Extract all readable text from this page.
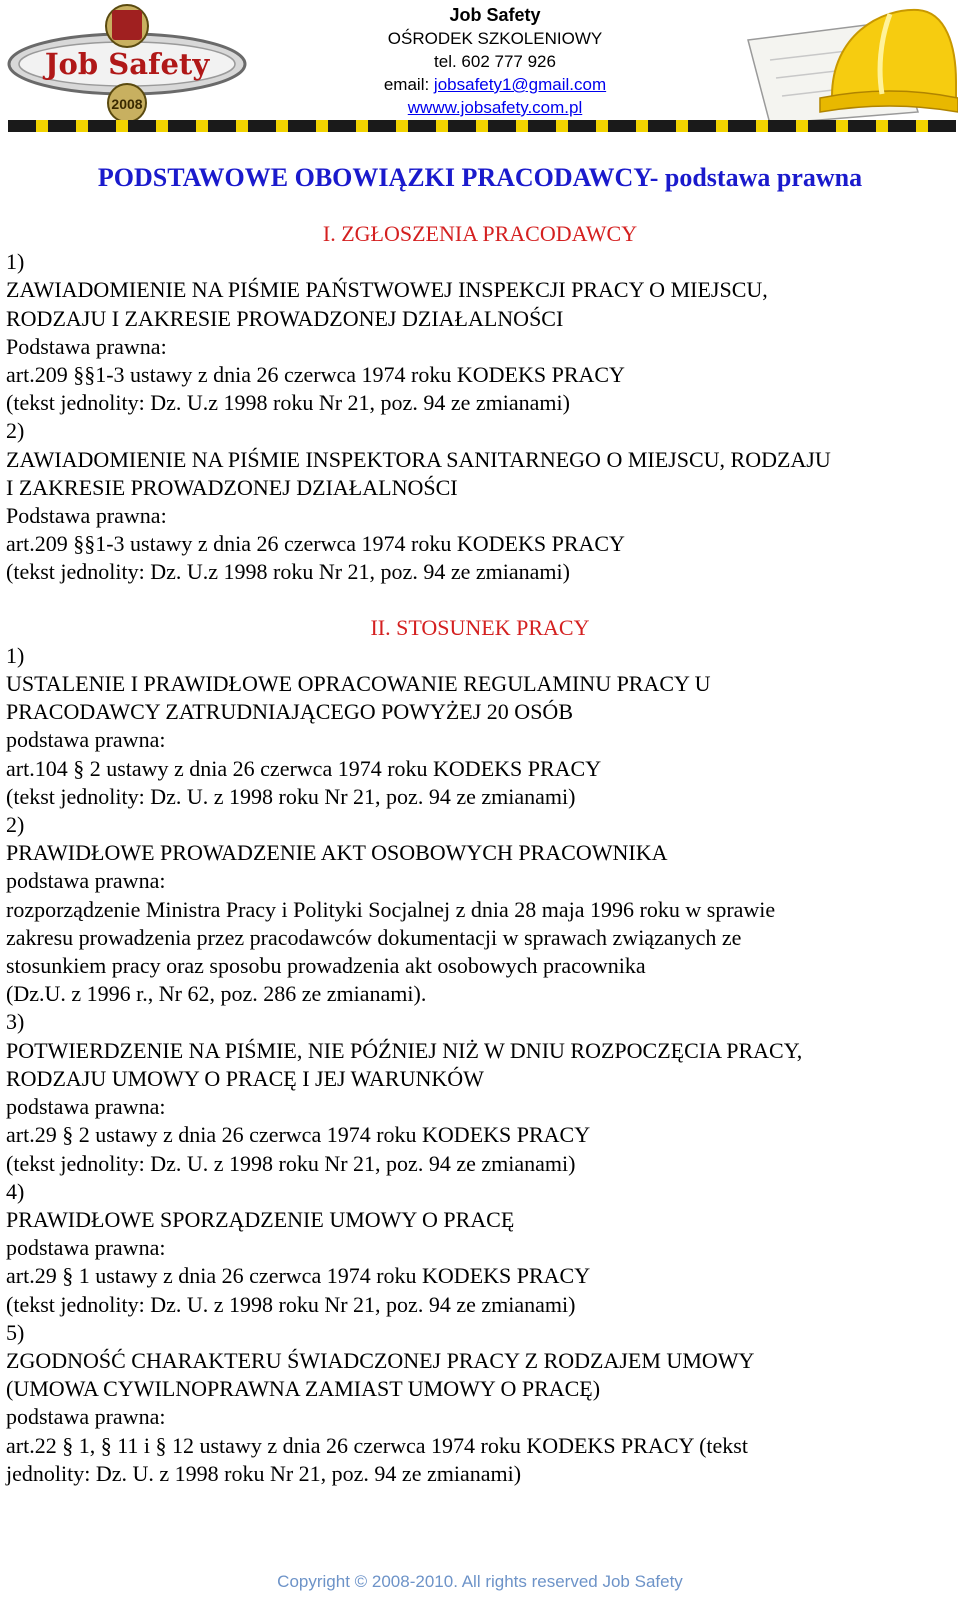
Job Safety
2008
Job Safety
OŚRODEK SZKOLENIOWY
tel. 602 777 926
email: jobsafety1@gmail.com
wwww.jobsafety.com.pl
PODSTAWOWE OBOWIĄZKI PRACODAWCY- podstawa prawna
I. ZGŁOSZENIA PRACODAWCY
1)
ZAWIADOMIENIE NA PIŚMIE PAŃSTWOWEJ INSPEKCJI PRACY O MIEJSCU,
RODZAJU I ZAKRESIE PROWADZONEJ DZIAŁALNOŚCI
Podstawa prawna:
art.209 §§1-3 ustawy z dnia 26 czerwca 1974 roku KODEKS PRACY
(tekst jednolity: Dz. U.z 1998 roku Nr 21, poz. 94 ze zmianami)
2)
ZAWIADOMIENIE NA PIŚMIE INSPEKTORA SANITARNEGO O MIEJSCU, RODZAJU
I ZAKRESIE PROWADZONEJ DZIAŁALNOŚCI
Podstawa prawna:
art.209 §§1-3 ustawy z dnia 26 czerwca 1974 roku KODEKS PRACY
(tekst jednolity: Dz. U.z 1998 roku Nr 21, poz. 94 ze zmianami)
II. STOSUNEK PRACY
1)
USTALENIE I PRAWIDŁOWE OPRACOWANIE REGULAMINU PRACY U
PRACODAWCY ZATRUDNIAJĄCEGO POWYŻEJ 20 OSÓB
podstawa prawna:
art.104 § 2 ustawy z dnia 26 czerwca 1974 roku KODEKS PRACY
(tekst jednolity: Dz. U. z 1998 roku Nr 21, poz. 94 ze zmianami)
2)
PRAWIDŁOWE PROWADZENIE AKT OSOBOWYCH PRACOWNIKA
podstawa prawna:
rozporządzenie Ministra Pracy i Polityki Socjalnej z dnia 28 maja 1996 roku w sprawie
zakresu prowadzenia przez pracodawców dokumentacji w sprawach związanych ze
stosunkiem pracy oraz sposobu prowadzenia akt osobowych pracownika
(Dz.U. z 1996 r., Nr 62, poz. 286 ze zmianami).
3)
POTWIERDZENIE NA PIŚMIE, NIE PÓŹNIEJ NIŻ W DNIU ROZPOCZĘCIA PRACY,
RODZAJU UMOWY O PRACĘ I JEJ WARUNKÓW
podstawa prawna:
art.29 § 2 ustawy z dnia 26 czerwca 1974 roku KODEKS PRACY
(tekst jednolity: Dz. U. z 1998 roku Nr 21, poz. 94 ze zmianami)
4)
PRAWIDŁOWE SPORZĄDZENIE UMOWY O PRACĘ
podstawa prawna:
art.29 § 1 ustawy z dnia 26 czerwca 1974 roku KODEKS PRACY
(tekst jednolity: Dz. U. z 1998 roku Nr 21, poz. 94 ze zmianami)
5)
ZGODNOŚĆ CHARAKTERU ŚWIADCZONEJ PRACY Z RODZAJEM UMOWY
(UMOWA CYWILNOPRAWNA ZAMIAST UMOWY O PRACĘ)
podstawa prawna:
art.22 § 1, § 11 i § 12 ustawy z dnia 26 czerwca 1974 roku KODEKS PRACY (tekst
jednolity: Dz. U. z 1998 roku Nr 21, poz. 94 ze zmianami)
Copyright © 2008-2010. All rights reserved Job Safety
